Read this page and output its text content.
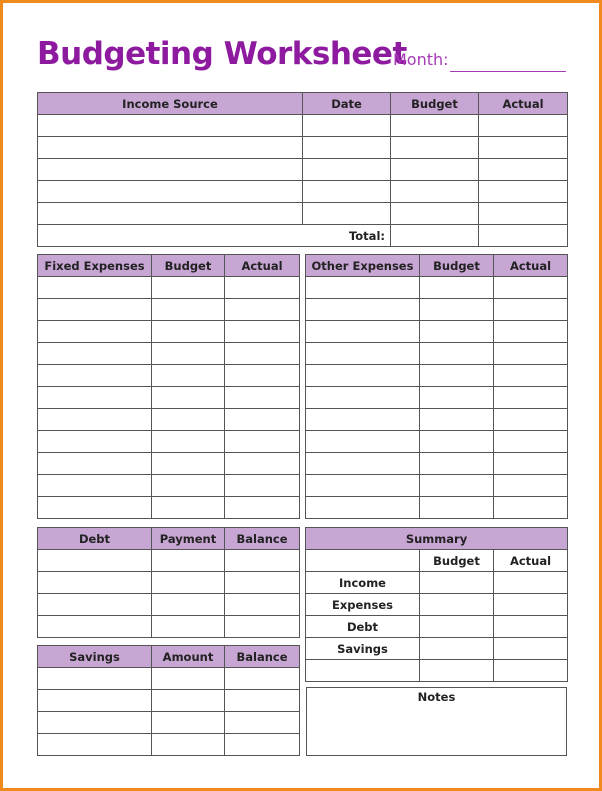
Budgeting Worksheet
Month:
Income Source	Date	Budget	Actual

	Total:		
Fixed Expenses	Budget	Actual

			Other Expenses	Budget	Actual

Debt	Payment	Balance

Savings	Amount	Balance

Summary		
	Budget	Actual
Income		
Expenses		
Debt		
Savings		

Notes
